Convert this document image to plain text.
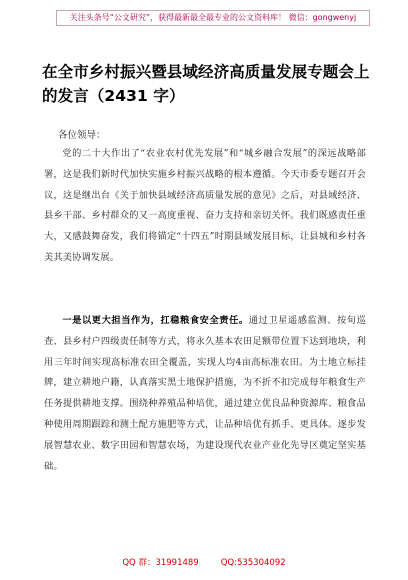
关注头条号“公文研究”，获得最新最全最专业的公文资料库！ 微信：gongwenyj
在全市乡村振兴暨县域经济高质量发展专题会上的发言（2431 字）
各位领导：
党的二十大作出了“农业农村优先发展”和“城乡融合发展”的深远战略部署，这是我们新时代加快实施乡村振兴战略的根本遵循。今天市委专题召开会议，这是继出台《关于加快县域经济高质量发展的意见》之后，对县域经济、县乡干部、乡村群众的又一高度重视、奋力支持和亲切关怀。我们既感责任重大，又感鼓舞奋发，我们将锚定“十四五”时期县域发展目标，让县城和乡村各美其美协调发展。
一是以更大担当作为，扛稳粮食安全责任。通过卫星遥感监测、按旬巡查、县乡村户四级责任制等方式，将永久基本农田足额带位置下达到地块，利用三年时间实现高标准农田全覆盖，实现人均4亩高标准农田。为土地立标挂牌，建立耕地户籍，认真落实黑土地保护措施，为不折不扣完成每年粮食生产任务提供耕地支撑。围绕种养殖品种培优，通过建立优良品种资源库、粮食品种使用周期跟踪和测土配方施肥等方式，让品种培优有抓手、更具体。逐步发展智慧农业、数字田园和智慧农场，为建设现代农业产业化先导区奠定坚实基础。
QQ 群：31991489	QQ:535304092
